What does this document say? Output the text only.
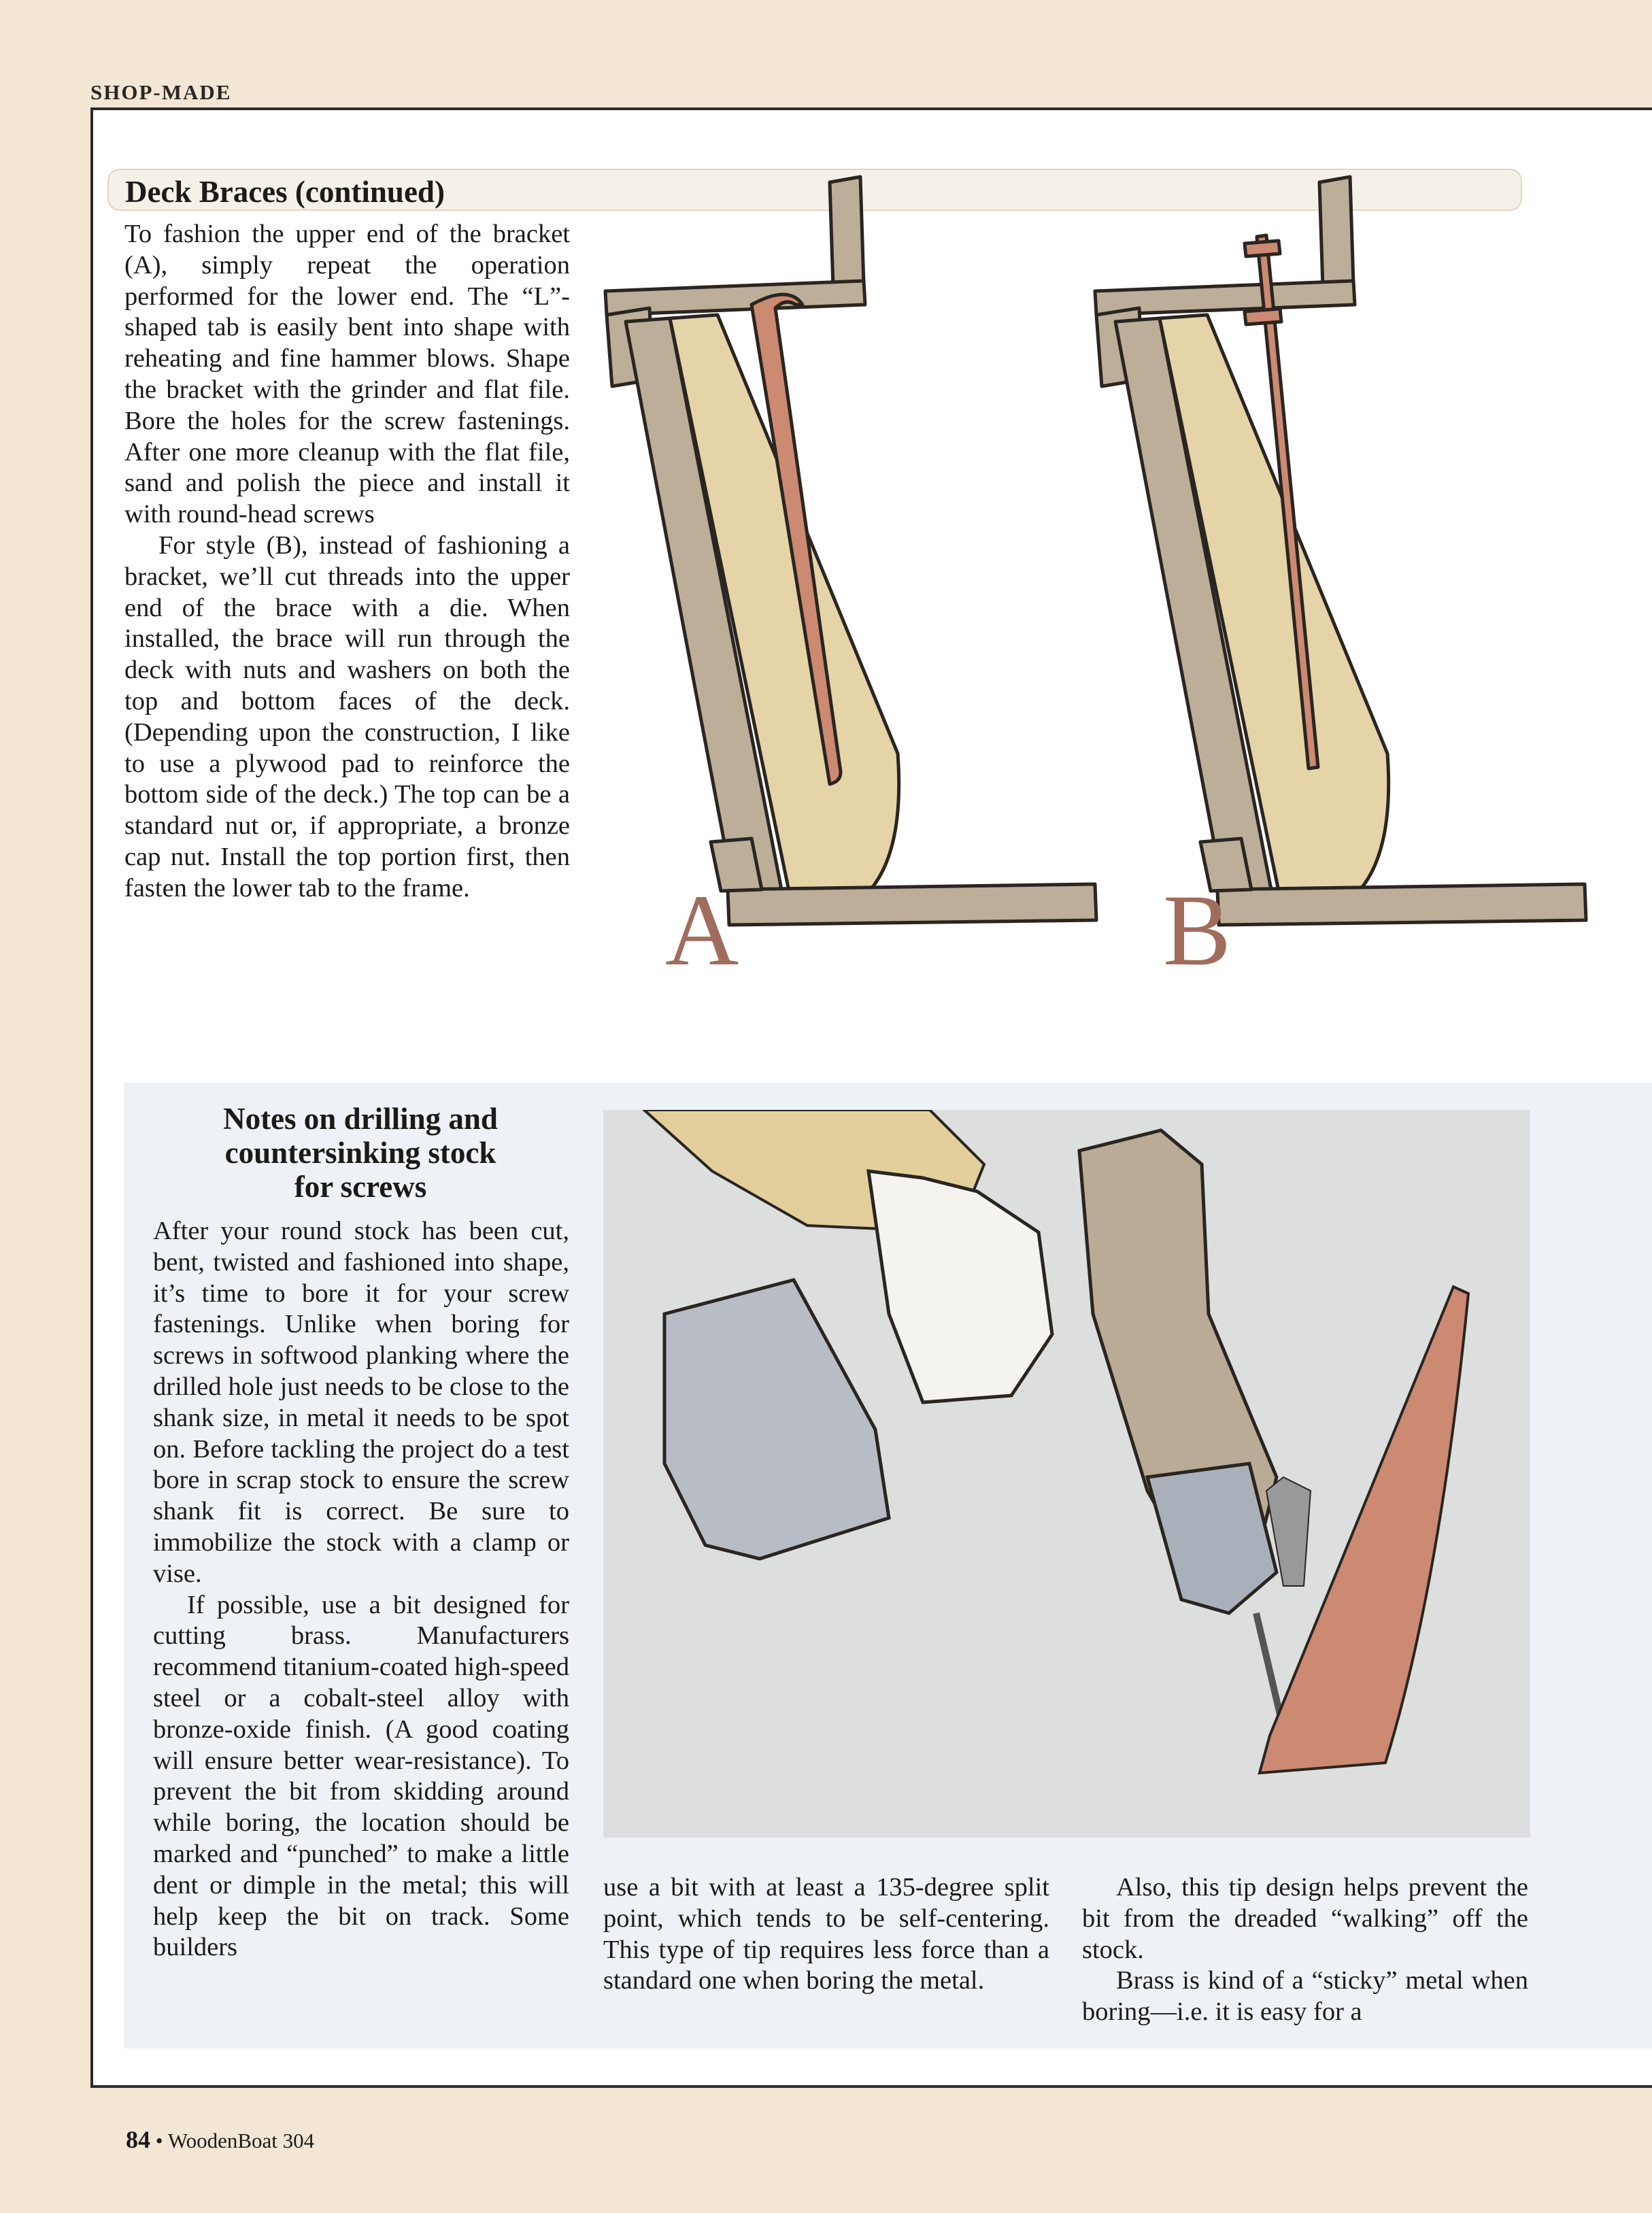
SHOP-MADE
Deck Braces (continued)

To fashion the upper end of the bracket (A), simply repeat the operation performed for the lower end. The “L”-shaped tab is easily bent into shape with reheating and fine hammer blows. Shape the bracket with the grinder and flat file. Bore the holes for the screw fastenings. After one more cleanup with the flat file, sand and polish the piece and install it with round-head screws

For style (B), instead of fashioning a bracket, we’ll cut threads into the upper end of the brace with a die. When installed, the brace will run through the deck with nuts and washers on both the top and bottom faces of the deck. (Depending upon the construction, I like to use a plywood pad to reinforce the bottom side of the deck.) The top can be a standard nut or, if appropriate, a bronze cap nut. Install the top portion first, then fasten the lower tab to the frame.	A	B
Notes on drilling and
countersinking stock
for screws

After your round stock has been cut, bent, twisted and fashioned into shape, it’s time to bore it for your screw fastenings. Unlike when boring for screws in softwood planking where the drilled hole just needs to be close to the shank size, in metal it needs to be spot on. Before tackling the project do a test bore in scrap stock to ensure the screw shank fit is correct. Be sure to immobilize the stock with a clamp or vise.

If possible, use a bit designed for cutting brass. Manufacturers recommend titanium-coated high-speed steel or a cobalt-steel alloy with bronze-oxide finish. (A good coating will ensure better wear-resistance). To prevent the bit from skidding around while boring, the location should be marked and “punched” to make a little dent or dimple in the metal; this will help keep the bit on track. Some builders

use a bit with at least a 135-degree split point, which tends to be self-centering. This type of tip requires less force than a standard one when boring the metal.

Also, this tip design helps prevent the bit from the dreaded “walking” off the stock.

Brass is kind of a “sticky” metal when boring—i.e. it is easy for a

84 • WoodenBoat 304
